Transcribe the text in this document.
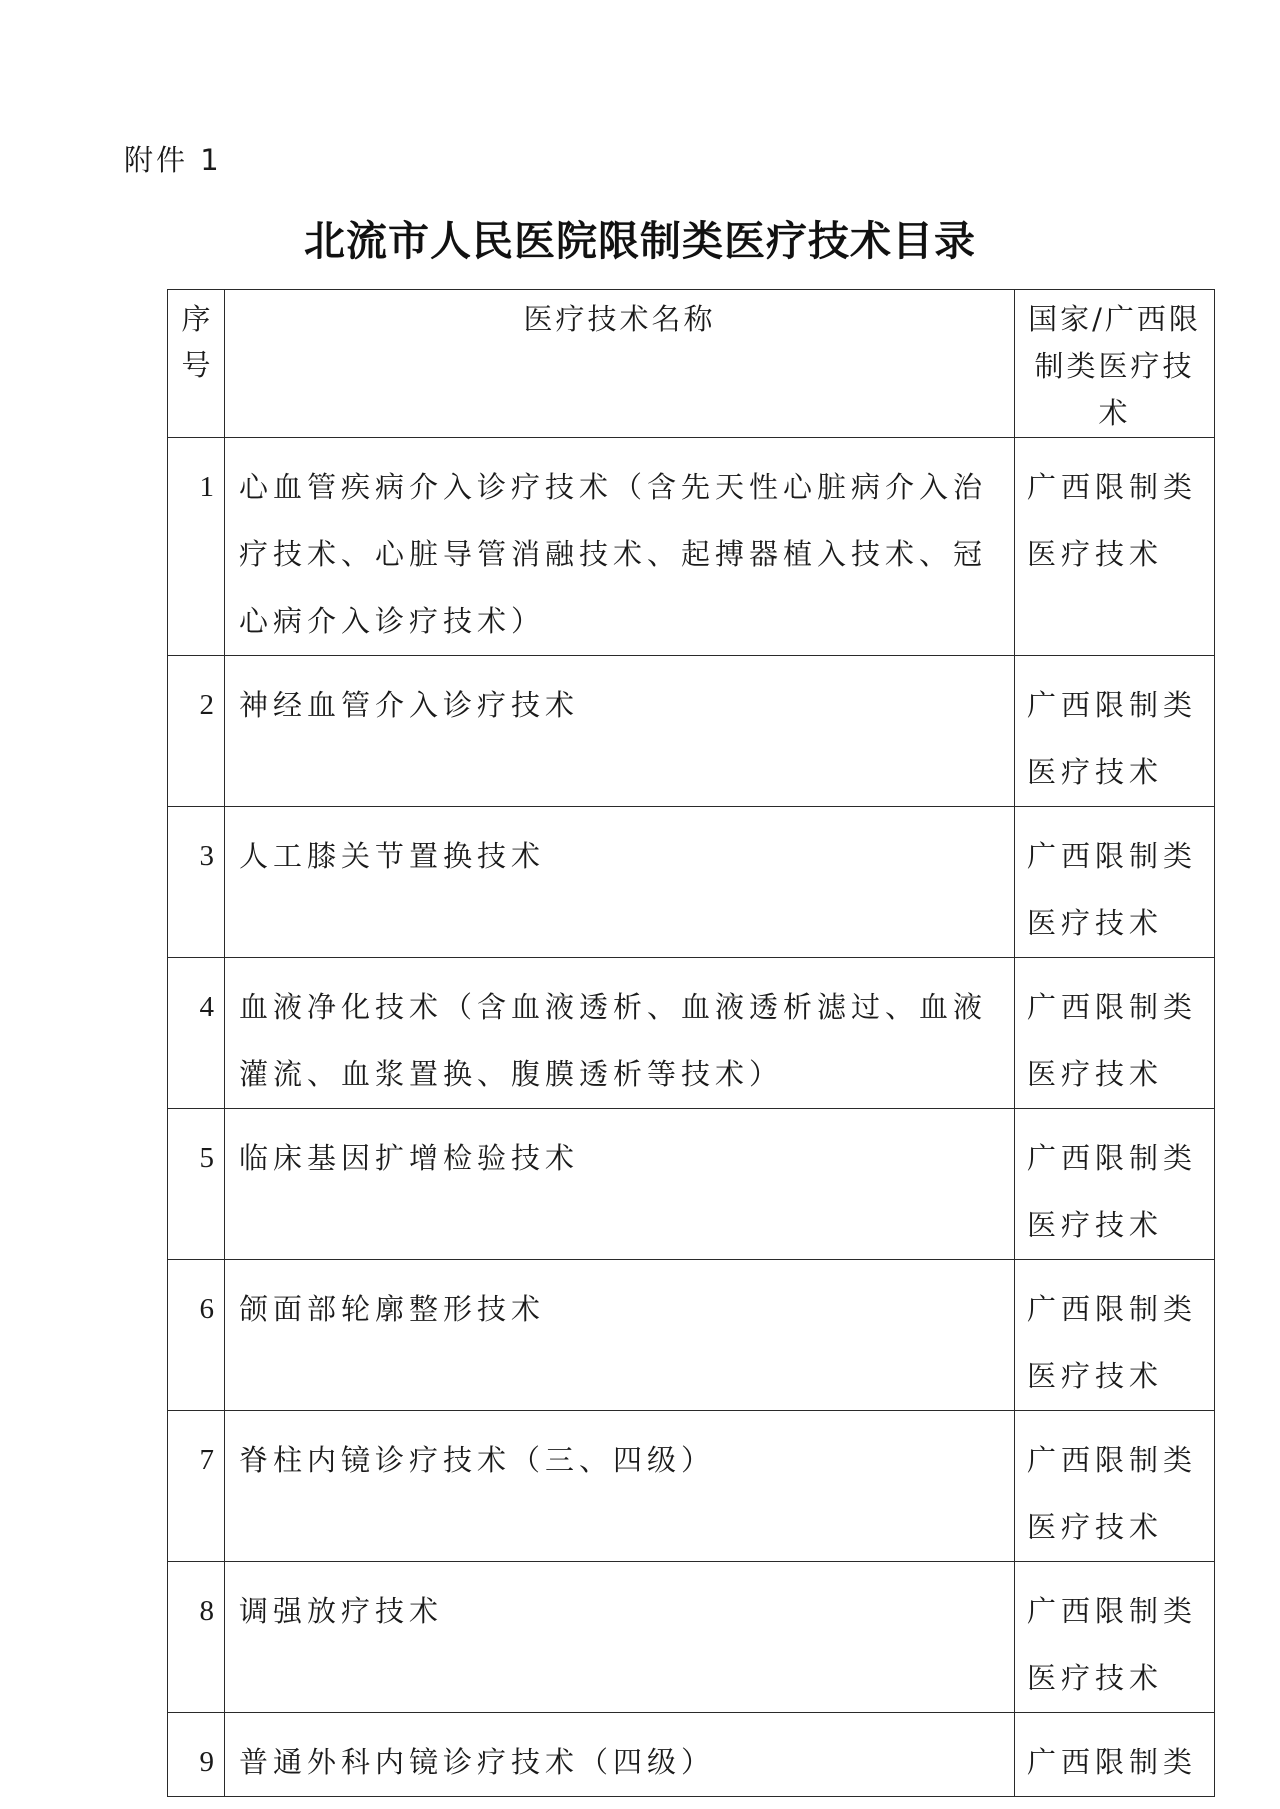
附件 1
北流市人民医院限制类医疗技术目录
序号	医疗技术名称	国家/广西限制类医疗技术
1	心血管疾病介入诊疗技术（含先天性心脏病介入治疗技术、心脏导管消融技术、起搏器植入技术、冠心病介入诊疗技术）	广西限制类医疗技术

2	神经血管介入诊疗技术	广西限制类医疗技术

3	人工膝关节置换技术	广西限制类医疗技术

4	血液净化技术（含血液透析、血液透析滤过、血液灌流、血浆置换、腹膜透析等技术）	广西限制类医疗技术

5	临床基因扩增检验技术	广西限制类医疗技术

6	颌面部轮廓整形技术	广西限制类医疗技术

7	脊柱内镜诊疗技术（三、四级）	广西限制类医疗技术

8	调强放疗技术	广西限制类医疗技术

9	普通外科内镜诊疗技术（四级）	广西限制类
